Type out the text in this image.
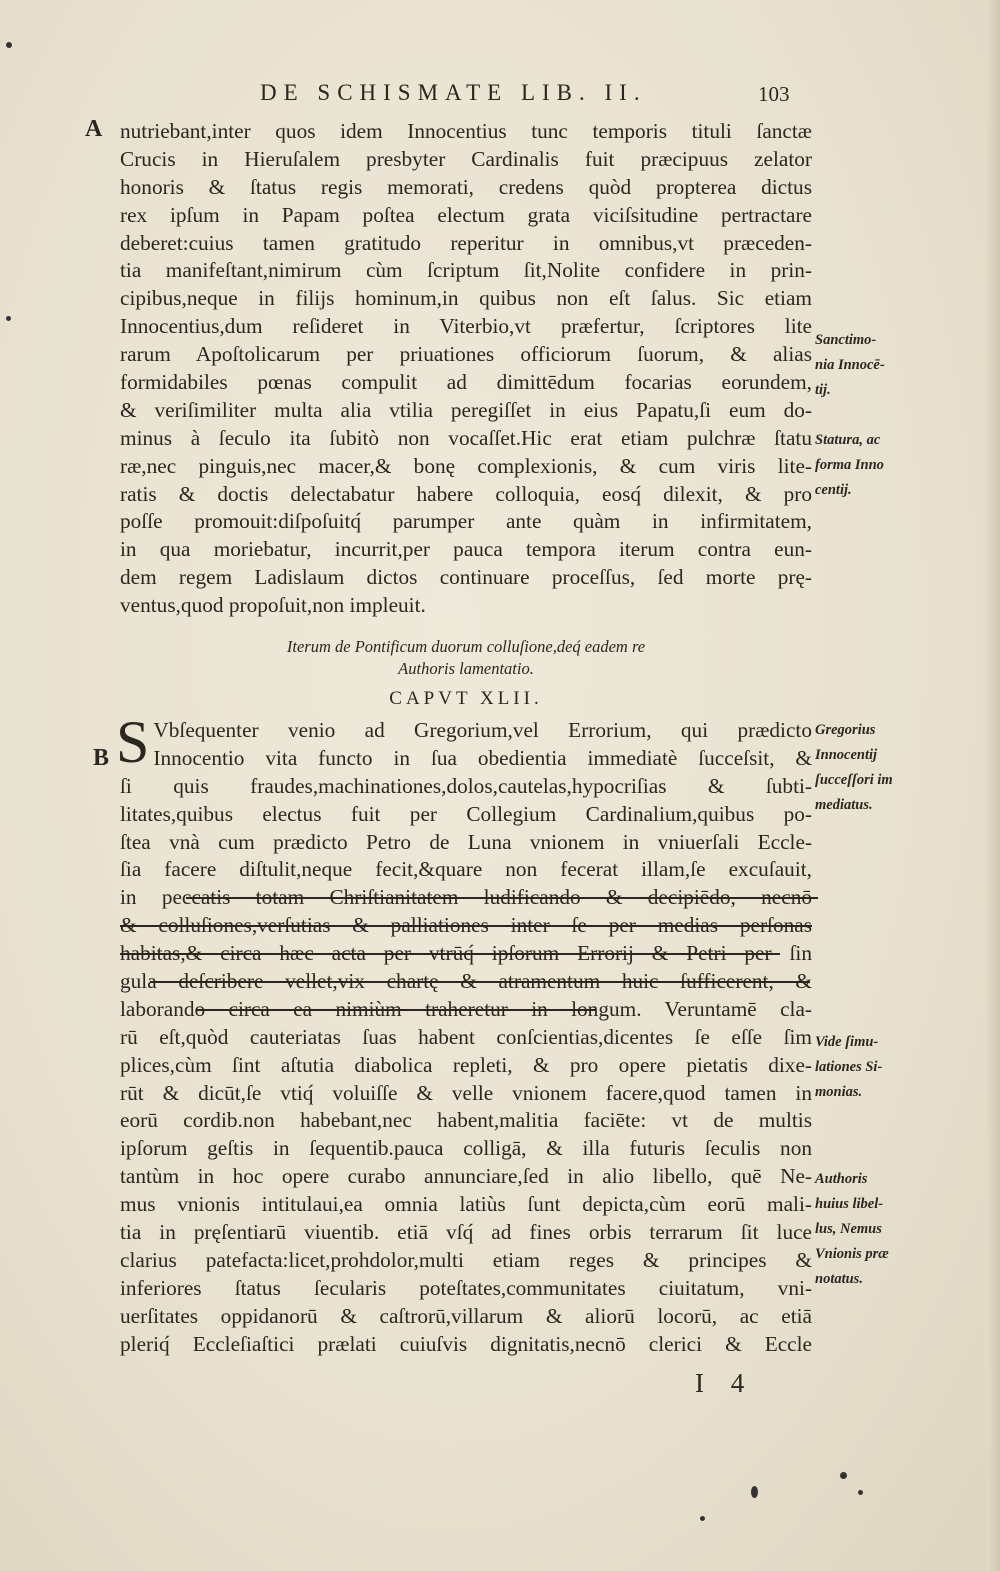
DE SCHISMATE LIB. II.	103
A
B
nutriebant,inter quos idem Innocentius tunc temporis tituli ſanctæ
Crucis in Hieruſalem presbyter Cardinalis fuit præcipuus zelator
honoris & ſtatus regis memorati, credens quòd propterea dictus
rex ipſum in Papam poſtea electum grata viciſsitudine pertractare
deberet:cuius tamen gratitudo reperitur in omnibus,vt præceden-
tia manifeſtant,nimirum cùm ſcriptum ſit,Nolite confidere in prin-
cipibus,neque in filijs hominum,in quibus non eſt ſalus. Sic etiam
Innocentius,dum reſideret in Viterbio,vt præfertur, ſcriptores lite
rarum Apoſtolicarum per priuationes officiorum ſuorum, & alias
formidabiles pœnas compulit ad dimittēdum focarias eorundem,
& veriſimiliter multa alia vtilia peregiſſet in eius Papatu,ſi eum do-
minus à ſeculo ita ſubitò non vocaſſet.Hic erat etiam pulchræ ſtatu
ræ,nec pinguis,nec macer,& bonę complexionis, & cum viris lite-
ratis & doctis delectabatur habere colloquia, eosq́ dilexit, & pro
poſſe promouit:diſpoſuitq́ parumper ante quàm in infirmitatem,
in qua moriebatur, incurrit,per pauca tempora iterum contra eun-
dem regem Ladislaum dictos continuare proceſſus, ſed morte prę-
ventus,quod propoſuit,non impleuit.
Iterum de Pontificum duorum colluſione,deq́ eadem re
Authoris lamentatio.
CAPVT XLII.
S Vbſequenter venio ad Gregorium,vel Errorium, qui prædicto
Innocentio vita functo in ſua obedientia immediatè ſucceſsit, &
ſi quis fraudes,machinationes,dolos,cautelas,hypocriſias & ſubti-
litates,quibus electus fuit per Collegium Cardinalium,quibus po-
ſtea vnà cum prædicto Petro de Luna vnionem in vniuerſali Eccle-
ſia facere diſtulit,neque fecit,&quare non fecerat illam,ſe excuſauit,
in peccatis totam Chriſtianitatem ludificando & decipiēdo, necnō
& colluſiones,verſutias & palliationes inter ſe per medias perſonas
habitas,& circa hæc acta per vtrūq́ ipſorum Errorij & Petri per ſin
gula deſcribere vellet,vix chartę & atramentum huic ſufficerent, &
laborando circa ea nimiùm traheretur in longum. Veruntamē cla-
rū eſt,quòd cauteriatas ſuas habent conſcientias,dicentes ſe eſſe ſim
plices,cùm ſint aſtutia diabolica repleti, & pro opere pietatis dixe-
rūt & dicūt,ſe vtiq́ voluiſſe & velle vnionem facere,quod tamen in
eorū cordib.non habebant,nec habent,malitia faciēte: vt de multis
ipſorum geſtis in ſequentib.pauca colligā, & illa futuris ſeculis non
tantùm in hoc opere curabo annunciare,ſed in alio libello, quē Ne-
mus vnionis intitulaui,ea omnia latiùs ſunt depicta,cùm eorū mali-
tia in pręſentiarū viuentib. etiā vſq́ ad fines orbis terrarum ſit luce
clarius patefacta:licet,prohdolor,multi etiam reges & principes &
inferiores ſtatus ſecularis poteſtates,communitates ciuitatum, vni-
uerſitates oppidanorū & caſtrorū,villarum & aliorū locorū, ac etiā
pleriq́ Eccleſiaſtici prælati cuiuſvis dignitatis,necnō clerici & Eccle
Sanctimo-
nia Innocē-
tij.
Statura, ac
forma Inno
centij.
Gregorius
Innocentij
ſucceſſori im
mediatus.
Vide ſimu-
lationes Si-
monias.
Authoris
huius libel-
lus, Nemus
Vnionis præ
notatus.
I 4
